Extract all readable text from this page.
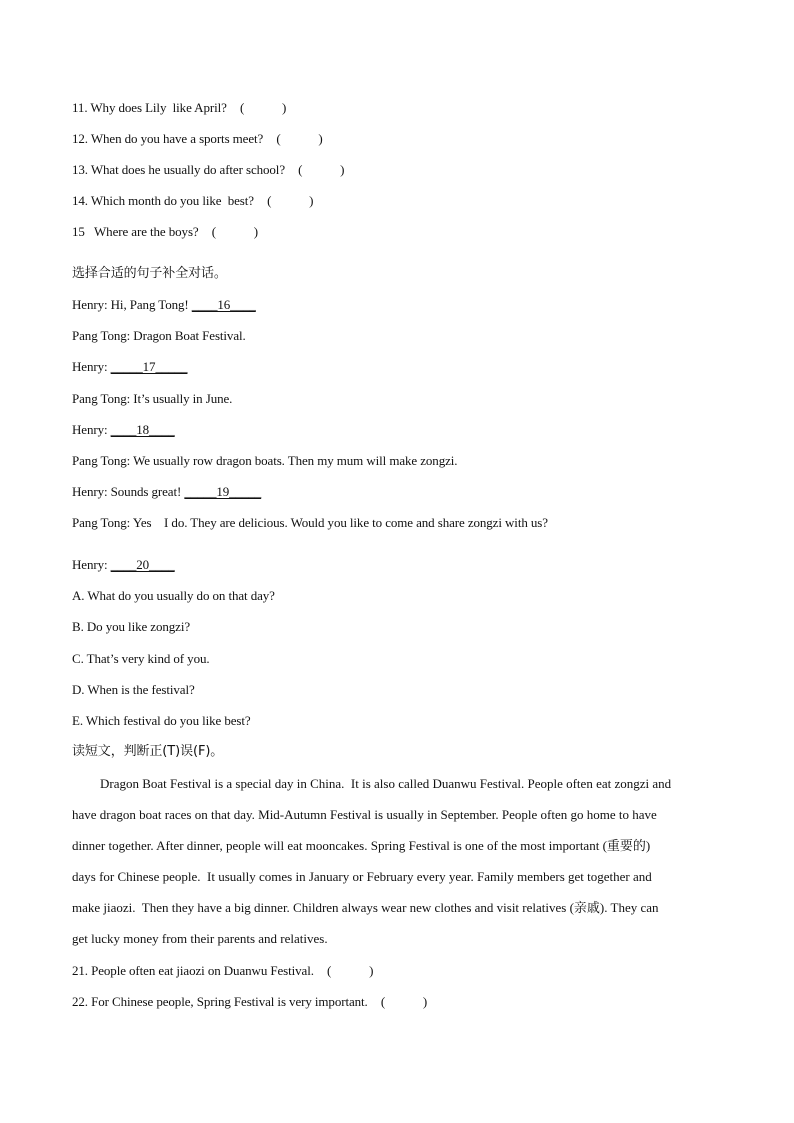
11. Why does Lily  like April? (            )
12. When do you have a sports meet? (            )
13. What does he usually do after school? (            )
14. Which month do you like  best? (            )
15   Where are the boys? (            )
选择合适的句子补全对话。
Henry: Hi, Pang Tong! ____16____
Pang Tong: Dragon Boat Festival.
Henry: _____17_____
Pang Tong: It’s usually in June.
Henry: ____18____
Pang Tong: We usually row dragon boats. Then my mum will make zongzi.
Henry: Sounds great! _____19_____
Pang Tong: Yes    I do. They are delicious. Would you like to come and share zongzi with us?
Henry: ____20____
A. What do you usually do on that day?
B. Do you like zongzi?
C. That’s very kind of you.
D. When is the festival?
E. Which festival do you like best?
读短文，判断正(T)误(F)。
Dragon Boat Festival is a special day in China.  It is also called Duanwu Festival. People often eat zongzi and
have dragon boat races on that day. Mid-Autumn Festival is usually in September. People often go home to have
dinner together. After dinner, people will eat mooncakes. Spring Festival is one of the most important (重要的)
days for Chinese people.  It usually comes in January or February every year. Family members get together and
make jiaozi.  Then they have a big dinner. Children always wear new clothes and visit relatives (亲戚). They can
get lucky money from their parents and relatives.
21. People often eat jiaozi on Duanwu Festival. (            )
22. For Chinese people, Spring Festival is very important. (            )
